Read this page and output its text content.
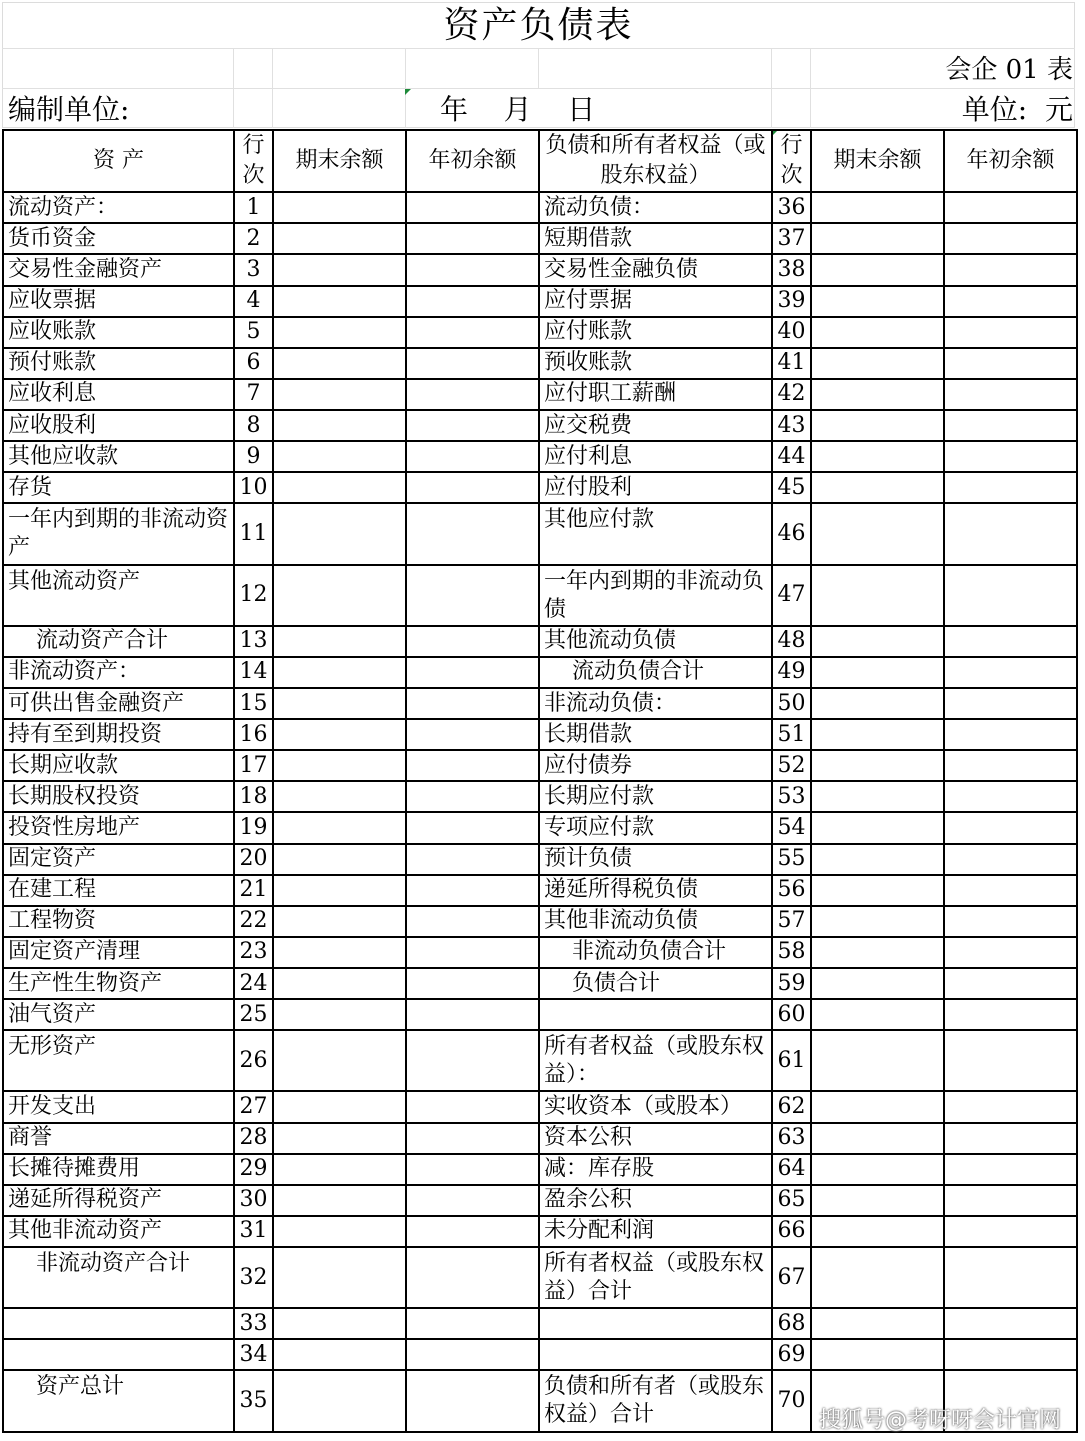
资产负债表
会企 01 表
编制单位:	年    月    日	单位:  元
资 产	行次	期末余额	年初余额	负债和所有者权益（或股东权益）	行次	期末余额	年初余额
流动资产：	1			流动负债：	36		
货币资金	2			短期借款	37		
交易性金融资产	3			交易性金融负债	38		
应收票据	4			应付票据	39		
应收账款	5			应付账款	40		
预付账款	6			预收账款	41		
应收利息	7			应付职工薪酬	42		
应收股利	8			应交税费	43		
其他应收款	9			应付利息	44		
存货	10			应付股利	45		
一年内到期的非流动资产	11			其他应付款	46		
其他流动资产	12			一年内到期的非流动负债	47		
流动资产合计	13			其他流动负债	48		
非流动资产：	14			流动负债合计	49		
可供出售金融资产	15			非流动负债：	50		
持有至到期投资	16			长期借款	51		
长期应收款	17			应付债券	52		
长期股权投资	18			长期应付款	53		
投资性房地产	19			专项应付款	54		
固定资产	20			预计负债	55		
在建工程	21			递延所得税负债	56		
工程物资	22			其他非流动负债	57		
固定资产清理	23			非流动负债合计	58		
生产性生物资产	24			负债合计	59		
油气资产	25				60		
无形资产	26			所有者权益（或股东权益）：	61		
开发支出	27			实收资本（或股本）	62		
商誉	28			资本公积	63		
长摊待摊费用	29			减：库存股	64		
递延所得税资产	30			盈余公积	65		
其他非流动资产	31			未分配利润	66		
非流动资产合计	32			所有者权益（或股东权 益）合计	67		
	33				68		
	34				69		
资产总计	35			负债和所有者（或股东权益）合计	70		
搜狐号@考呀呀会计官网
